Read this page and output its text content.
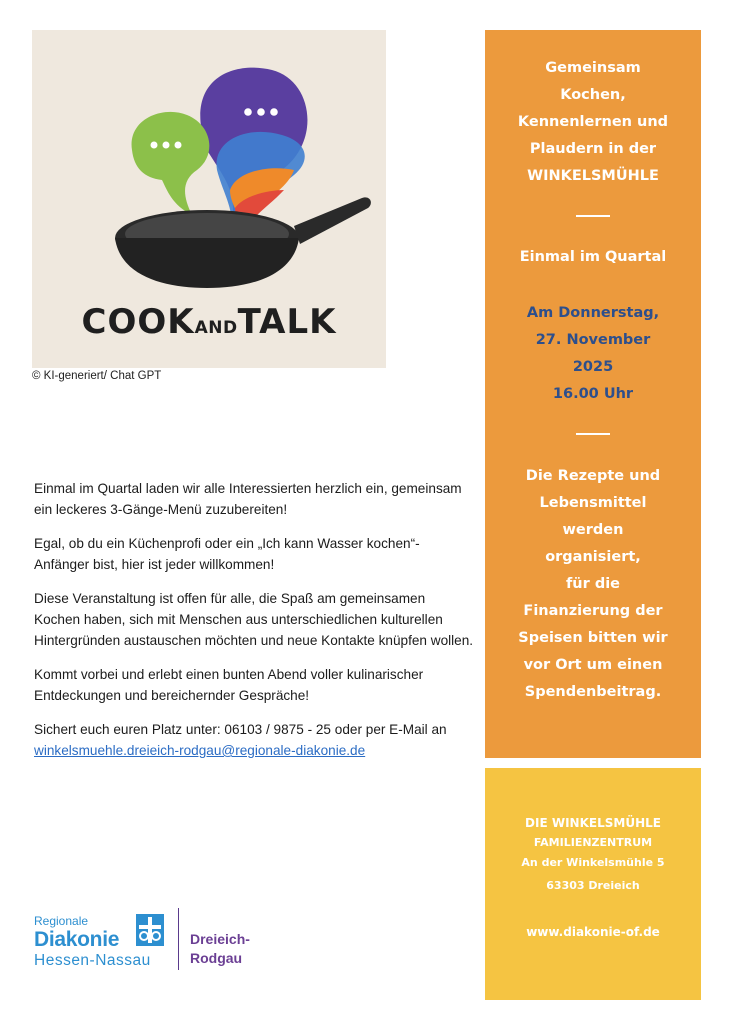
COOKANDTALK
© KI-generiert/ Chat GPT

Einmal im Quartal laden wir alle Interessierten herzlich ein, gemeinsam ein leckeres 3-Gänge-Menü zuzubereiten!

Egal, ob du ein Küchenprofi oder ein „Ich kann Wasser kochen“-Anfänger bist, hier ist jeder willkommen!

Diese Veranstaltung ist offen für alle, die Spaß am gemeinsamen Kochen haben, sich mit Menschen aus unterschiedlichen kulturellen Hintergründen austauschen möchten und neue Kontakte knüpfen wollen.

Kommt vorbei und erlebt einen bunten Abend voller kulinarischer Entdeckungen und bereichernder Gespräche!

Sichert euch euren Platz unter: 06103 / 9875 - 25 oder per E-Mail an winkelsmuehle.dreieich-rodgau@regionale-diakonie.de

Gemeinsam
Kochen,
Kennenlernen und
Plaudern in der
WINKELSMÜHLE
Einmal im Quartal
Am Donnerstag,
27. November
2025
16.00 Uhr
Die Rezepte und
Lebensmittel
werden
organisiert,
für die
Finanzierung der
Speisen bitten wir
vor Ort um einen
Spendenbeitrag.
DIE WINKELSMÜHLE
FAMILIENZENTRUM
An der Winkelsmühle 5
63303 Dreieich
www.diakonie-of.de
Regionale
Diakonie
Hessen-Nassau
Dreieich-
Rodgau
